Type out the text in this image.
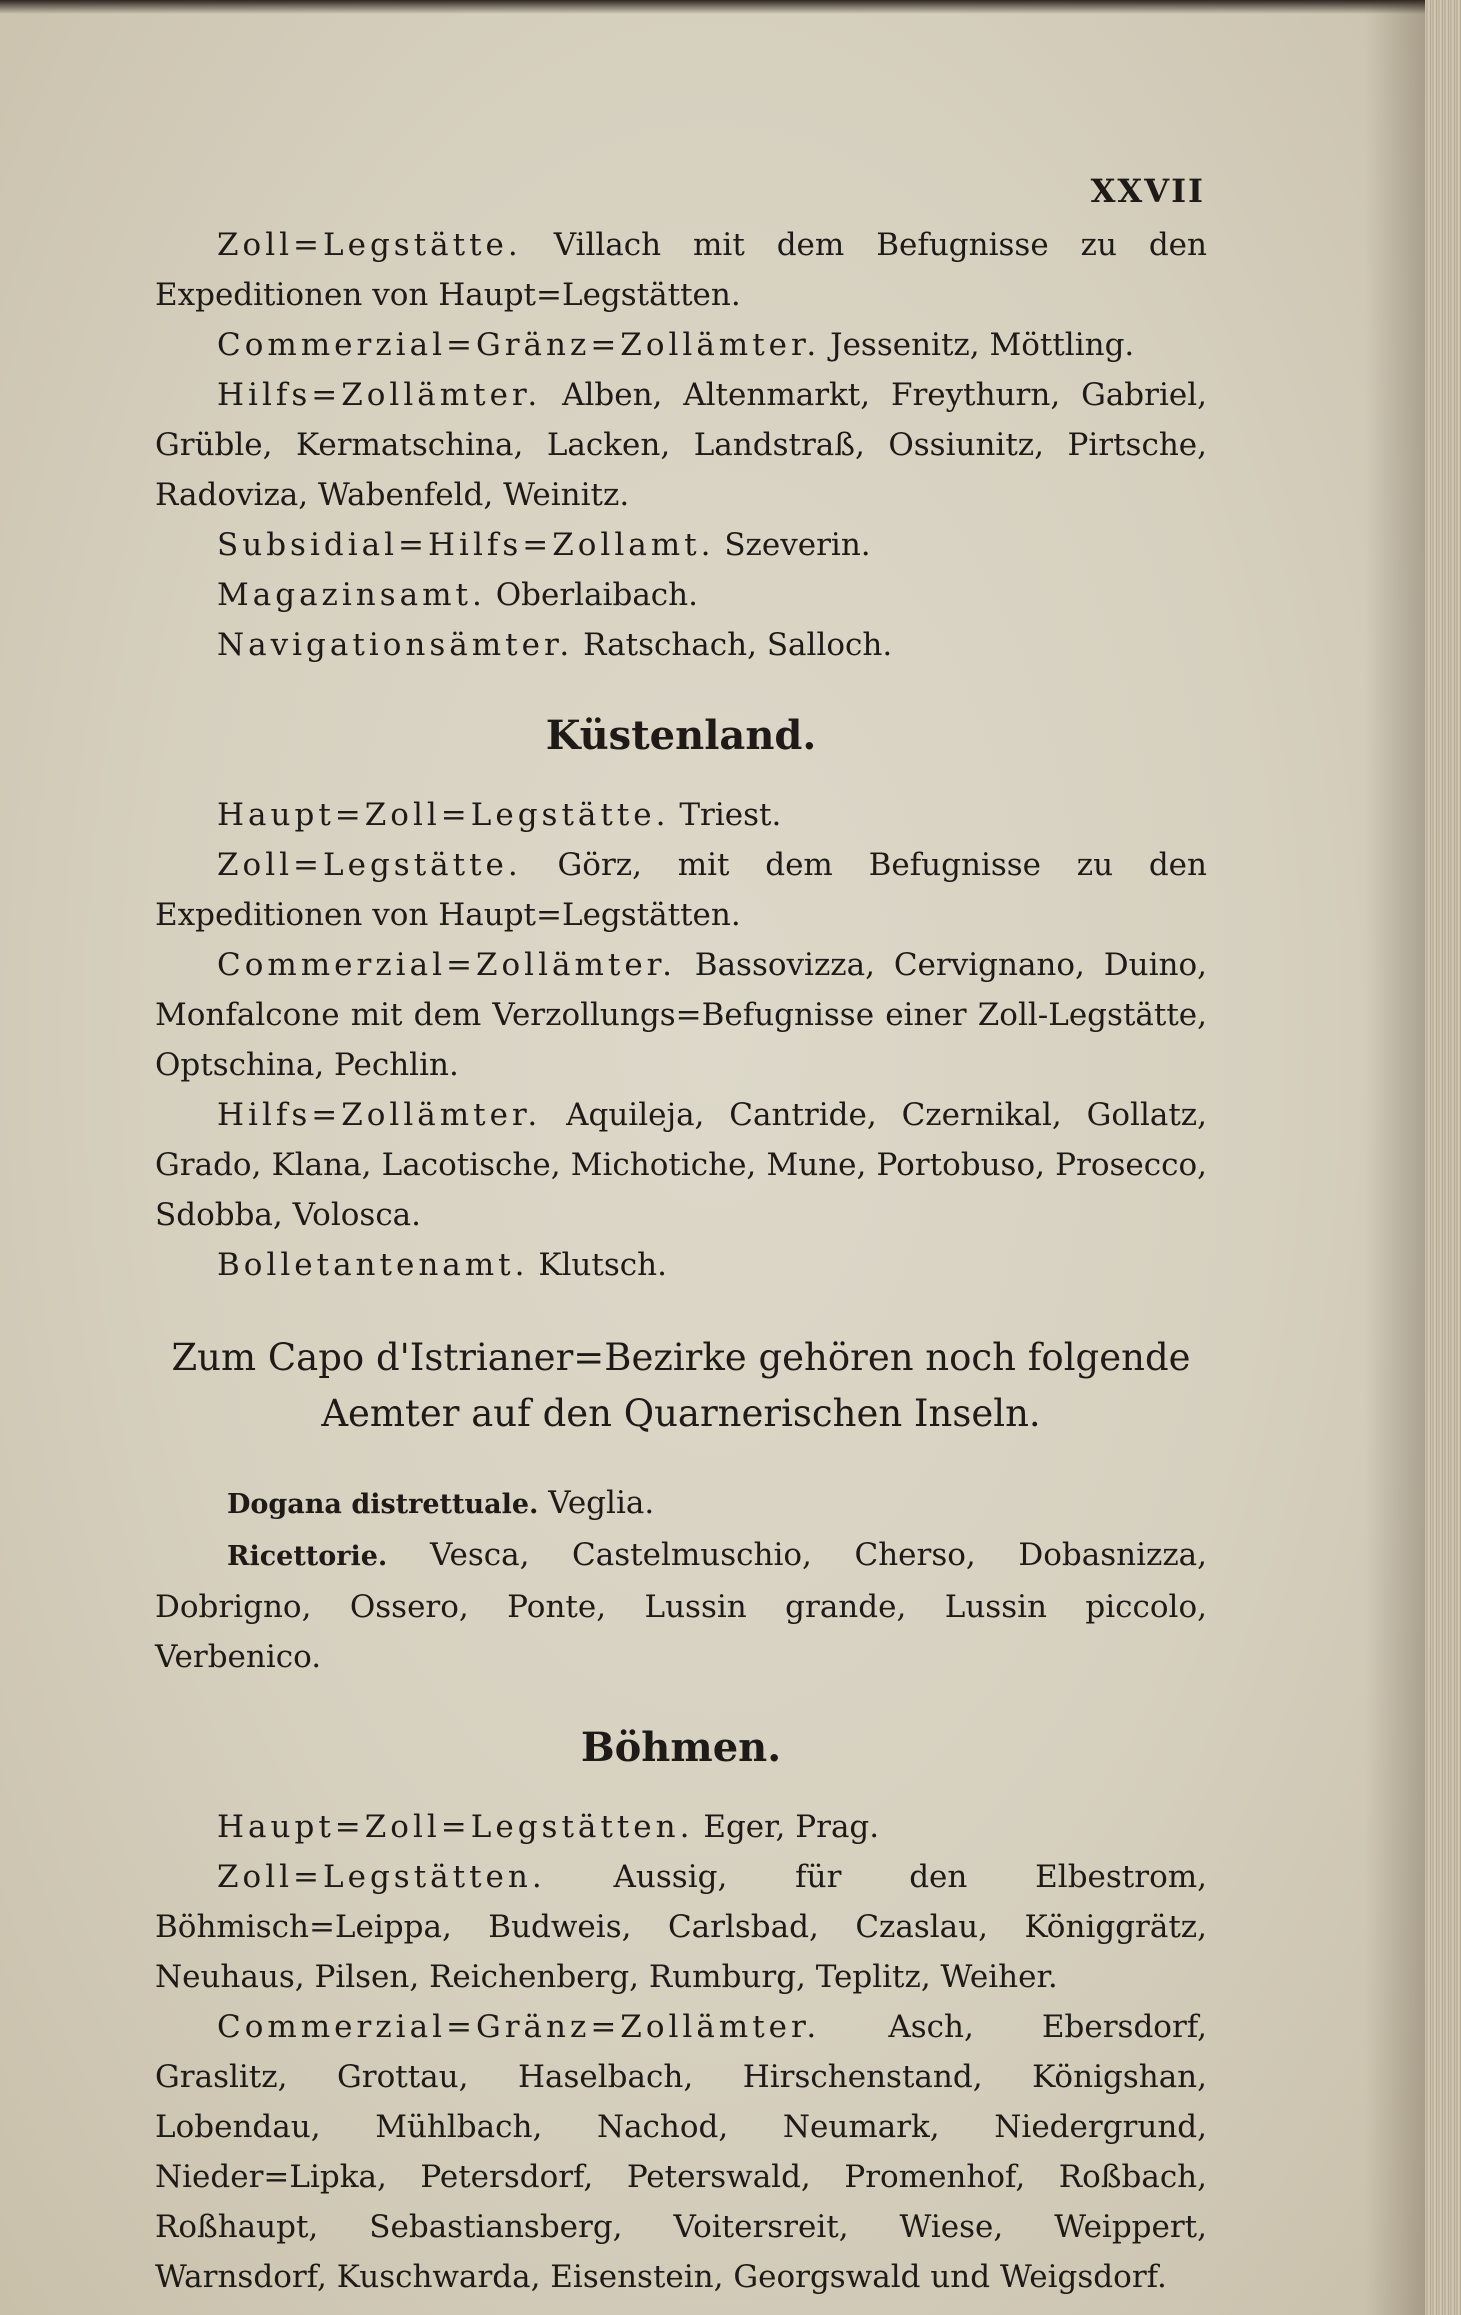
XXVII

Zoll=Legstätte. Villach mit dem Befugnisse zu den Expeditionen von Haupt=Legstätten.

Commerzial=Gränz=Zollämter. Jessenitz, Möttling.

Hilfs=Zollämter. Alben, Altenmarkt, Freythurn, Gabriel, Grüble, Kermatschina, Lacken, Landstraß, Ossiunitz, Pirtsche, Radoviza, Wabenfeld, Weinitz.

Subsidial=Hilfs=Zollamt. Szeverin.

Magazinsamt. Oberlaibach.

Navigationsämter. Ratschach, Salloch.

Küstenland.

Haupt=Zoll=Legstätte. Triest.

Zoll=Legstätte. Görz, mit dem Befugnisse zu den Expeditionen von Haupt=Legstätten.

Commerzial=Zollämter. Bassovizza, Cervignano, Duino, Monfalcone mit dem Verzollungs=Befugnisse einer Zoll-Legstätte, Optschina, Pechlin.

Hilfs=Zollämter. Aquileja, Cantride, Czernikal, Gollatz, Grado, Klana, Lacotische, Michotiche, Mune, Portobuso, Prosecco, Sdobba, Volosca.

Bolletantenamt. Klutsch.

Zum Capo d'Istrianer=Bezirke gehören noch folgende Aemter auf den Quarnerischen Inseln.

Dogana distrettuale. Veglia.

Ricettorie. Vesca, Castelmuschio, Cherso, Dobasnizza, Dobrigno, Ossero, Ponte, Lussin grande, Lussin piccolo, Verbenico.

Böhmen.

Haupt=Zoll=Legstätten. Eger, Prag.

Zoll=Legstätten. Aussig, für den Elbestrom, Böhmisch=Leippa, Budweis, Carlsbad, Czaslau, Königgrätz, Neuhaus, Pilsen, Reichenberg, Rumburg, Teplitz, Weiher.

Commerzial=Gränz=Zollämter. Asch, Ebersdorf, Graslitz, Grottau, Haselbach, Hirschenstand, Königshan, Lobendau, Mühlbach, Nachod, Neumark, Niedergrund, Nieder=Lipka, Petersdorf, Peterswald, Promenhof, Roßbach, Roßhaupt, Sebastiansberg, Voitersreit, Wiese, Weippert, Warnsdorf, Kuschwarda, Eisenstein, Georgswald und Weigsdorf.
